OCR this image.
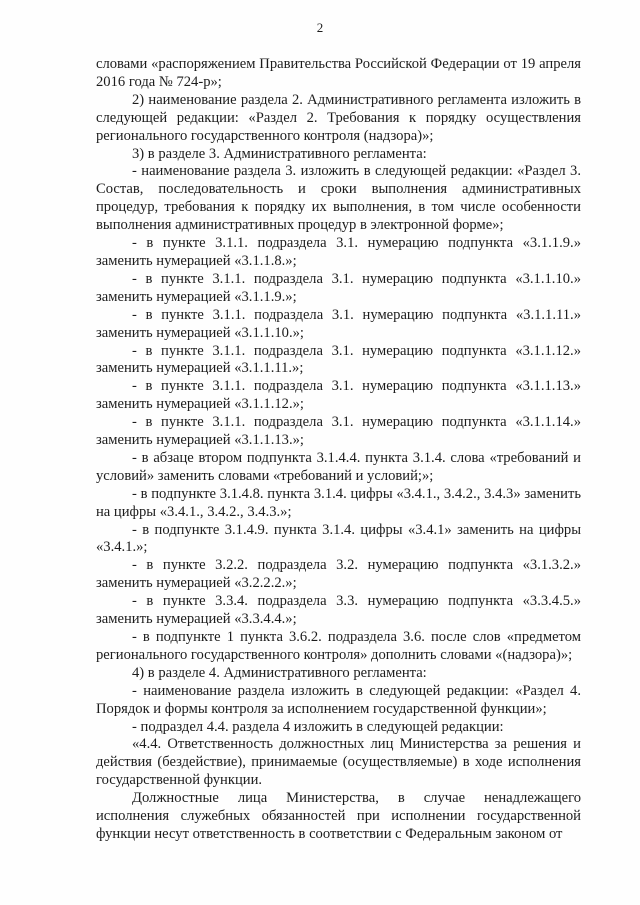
2

словами «распоряжением Правительства Российской Федерации от 19 апреля 2016 года № 724-р»;

2) наименование раздела 2. Административного регламента изложить в следующей редакции: «Раздел 2. Требования к порядку осуществления регионального государственного контроля (надзора)»;

3) в разделе 3. Административного регламента:

- наименование раздела 3. изложить в следующей редакции: «Раздел 3. Состав, последовательность и сроки выполнения административных процедур, требования к порядку их выполнения, в том числе особенности выполнения административных процедур в электронной форме»;

- в пункте 3.1.1. подраздела 3.1. нумерацию подпункта «3.1.1.9.» заменить нумерацией «3.1.1.8.»;

- в пункте 3.1.1. подраздела 3.1. нумерацию подпункта «3.1.1.10.» заменить нумерацией «3.1.1.9.»;

- в пункте 3.1.1. подраздела 3.1. нумерацию подпункта «3.1.1.11.» заменить нумерацией «3.1.1.10.»;

- в пункте 3.1.1. подраздела 3.1. нумерацию подпункта «3.1.1.12.» заменить нумерацией «3.1.1.11.»;

- в пункте 3.1.1. подраздела 3.1. нумерацию подпункта «3.1.1.13.» заменить нумерацией «3.1.1.12.»;

- в пункте 3.1.1. подраздела 3.1. нумерацию подпункта «3.1.1.14.» заменить нумерацией «3.1.1.13.»;

- в абзаце втором подпункта 3.1.4.4. пункта 3.1.4. слова «требований и условий» заменить словами «требований и условий;»;

- в подпункте 3.1.4.8. пункта 3.1.4. цифры «3.4.1., 3.4.2., 3.4.3» заменить на цифры «3.4.1., 3.4.2., 3.4.3.»;

- в подпункте 3.1.4.9. пункта 3.1.4. цифры «3.4.1» заменить на цифры «3.4.1.»;

- в пункте 3.2.2. подраздела 3.2. нумерацию подпункта «3.1.3.2.» заменить нумерацией «3.2.2.2.»;

- в пункте 3.3.4. подраздела 3.3. нумерацию подпункта «3.3.4.5.» заменить нумерацией «3.3.4.4.»;

- в подпункте 1 пункта 3.6.2. подраздела 3.6. после слов «предметом регионального государственного контроля» дополнить словами «(надзора)»;

4) в разделе 4. Административного регламента:

- наименование раздела изложить в следующей редакции: «Раздел 4. Порядок и формы контроля за исполнением государственной функции»;

- подраздел 4.4. раздела 4 изложить в следующей редакции:

«4.4. Ответственность должностных лиц Министерства за решения и действия (бездействие), принимаемые (осуществляемые) в ходе исполнения государственной функции.

Должностные лица Министерства, в случае ненадлежащего исполнения служебных обязанностей при исполнении государственной функции несут ответственность в соответствии с Федеральным законом от
